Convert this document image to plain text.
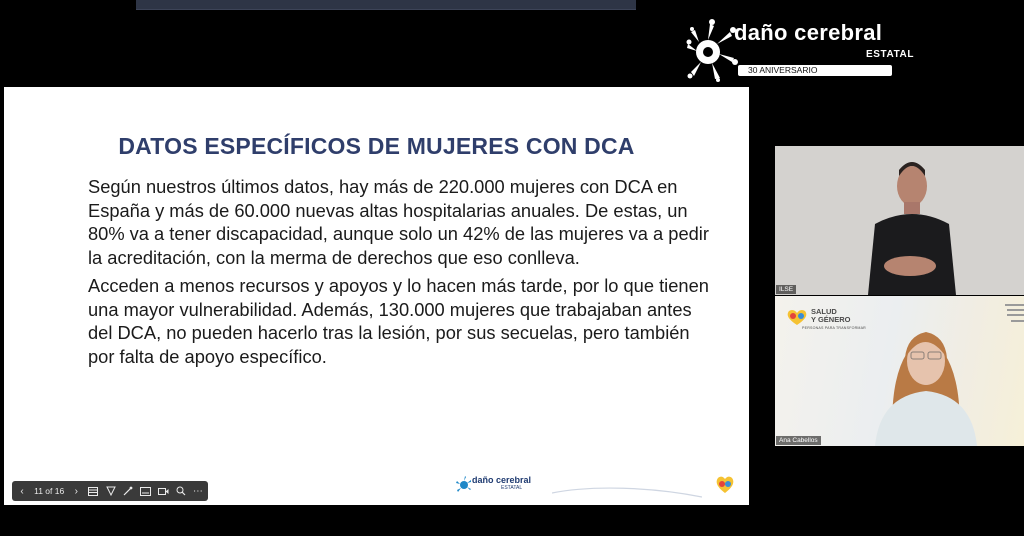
daño cerebral
ESTATAL
30 ANIVERSARIO
DATOS ESPECÍFICOS DE MUJERES CON DCA

Según nuestros últimos datos, hay más de 220.000 mujeres con DCA en España y más de 60.000 nuevas altas hospitalarias anuales. De estas, un 80% va a tener discapacidad, aunque solo un 42% de las mujeres va a pedir la acreditación, con la merma de derechos que eso conlleva.

Acceden a menos recursos y apoyos y lo hacen más tarde, por lo que tienen una mayor vulnerabilidad. Además, 130.000 mujeres que trabajaban antes del DCA, no pueden hacerlo tras la lesión, por sus secuelas, pero también por falta de apoyo específico.

‹	11 of 16	›	⋯
daño cerebral
ESTATAL
ILSE
SALUD
Y GÉNERO
PERSONAS PARA TRANSFORMAR
Ana Cabellos
